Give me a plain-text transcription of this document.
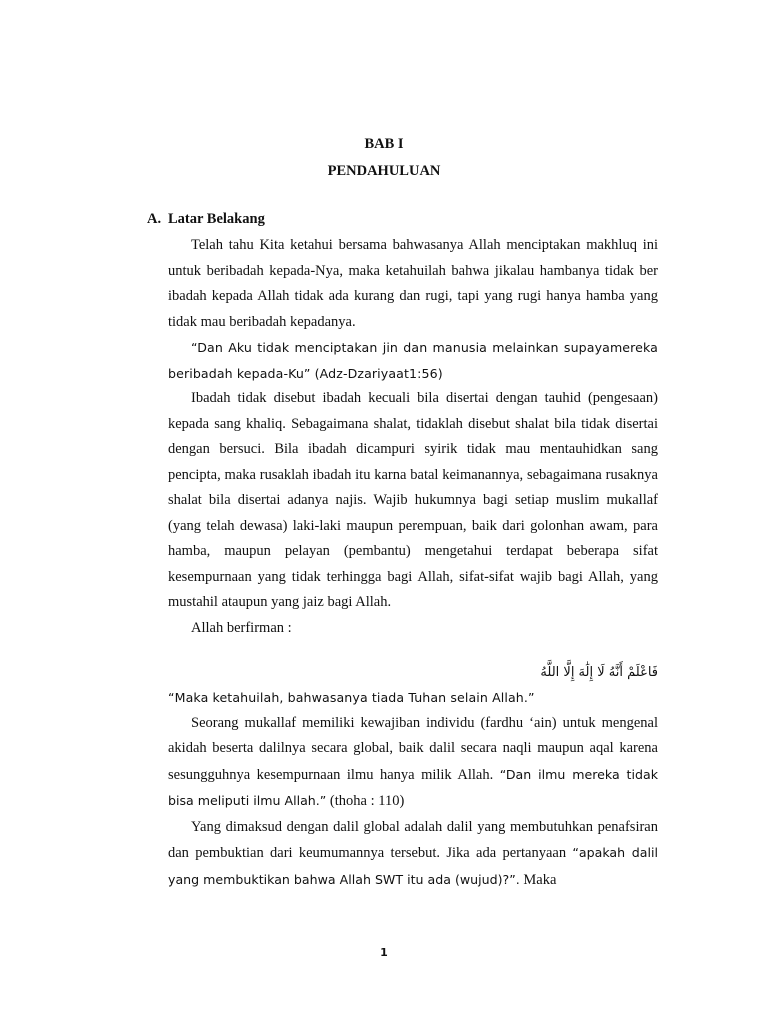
BAB I
PENDAHULUAN
A. Latar Belakang

Telah tahu Kita ketahui bersama bahwasanya Allah menciptakan makhluq ini untuk beribadah kepada-Nya, maka ketahuilah bahwa jikalau hambanya tidak ber ibadah kepada Allah tidak ada kurang dan rugi, tapi yang rugi hanya hamba yang tidak mau beribadah kepadanya.

“Dan Aku tidak menciptakan jin dan manusia melainkan supayamereka beribadah kepada-Ku” (Adz-Dzariyaat1:56)

Ibadah tidak disebut ibadah kecuali bila disertai dengan tauhid (pengesaan) kepada sang khaliq. Sebagaimana shalat, tidaklah disebut shalat bila tidak disertai dengan bersuci. Bila ibadah dicampuri syirik tidak mau mentauhidkan sang pencipta, maka rusaklah ibadah itu karna batal keimanannya, sebagaimana rusaknya shalat bila disertai adanya najis. Wajib hukumnya bagi setiap muslim mukallaf (yang telah dewasa) laki-laki maupun perempuan, baik dari golonhan awam, para hamba, maupun pelayan (pembantu) mengetahui terdapat beberapa sifat kesempurnaan yang tidak terhingga bagi Allah, sifat-sifat wajib bagi Allah, yang mustahil ataupun yang jaiz bagi Allah.

Allah berfirman :

فَاعْلَمْ أَنَّهُ لَا إِلَٰهَ إِلَّا اللَّهُ

“Maka ketahuilah, bahwasanya tiada Tuhan selain Allah.”

Seorang mukallaf memiliki kewajiban individu (fardhu ‘ain) untuk mengenal akidah beserta dalilnya secara global, baik dalil secara naqli maupun aqal karena sesungguhnya kesempurnaan ilmu hanya milik Allah. “Dan ilmu mereka tidak bisa meliputi ilmu Allah.” (thoha : 110)

Yang dimaksud dengan dalil global adalah dalil yang membutuhkan penafsiran dan pembuktian dari keumumannya tersebut. Jika ada pertanyaan “apakah dalil yang membuktikan bahwa Allah SWT itu ada (wujud)?”. Maka

1
